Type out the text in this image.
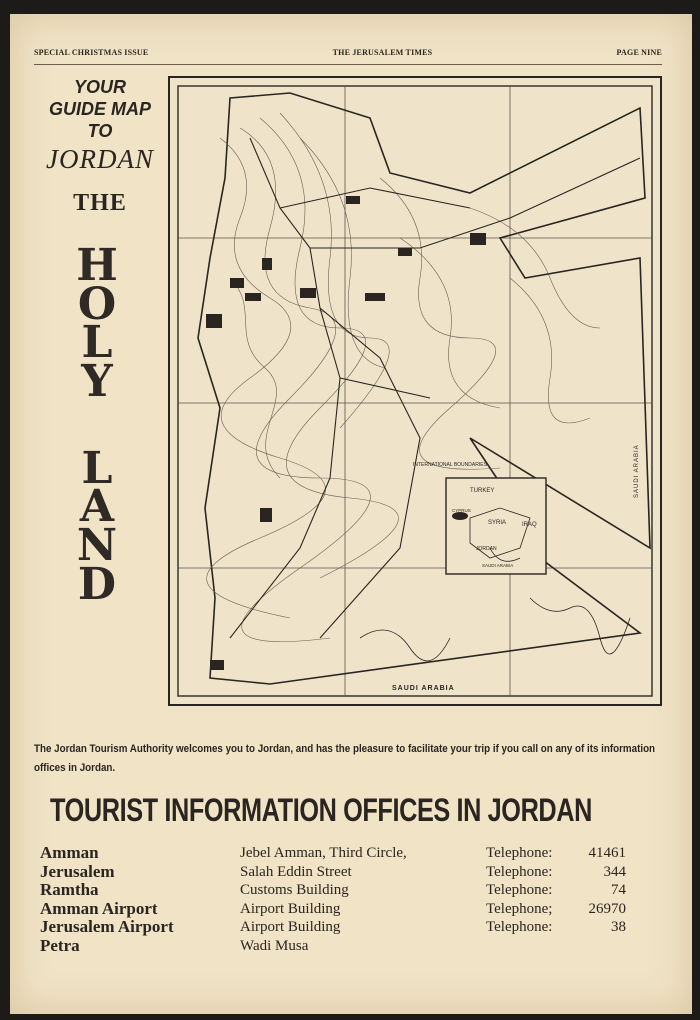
SPECIAL CHRISTMAS ISSUE	THE JERUSALEM TIMES	PAGE NINE
YOUR
GUIDE MAP
TO
JORDAN
THE
H
O
L
Y
L
A
N
D
INTERNATIONAL BOUNDARIES
TURKEY
SYRIA	IRAQ
CYPRUS
JORDAN
SAUDI ARABIA
SAUDI ARABIA
SAUDI ARABIA
The Jordan Tourism Authority welcomes you to Jordan, and has the pleasure to facilitate your trip if you call on any of its information offices in Jordan.
TOURIST INFORMATION OFFICES IN JORDAN
Amman	Jebel Amman, Third Circle,	Telephone:	41461
Jerusalem	Salah Eddin Street	Telephone:	344
Ramtha	Customs Building	Telephone:	74
Amman Airport	Airport Building	Telephone;	26970
Jerusalem Airport	Airport Building	Telephone:	38
Petra	Wadi Musa
